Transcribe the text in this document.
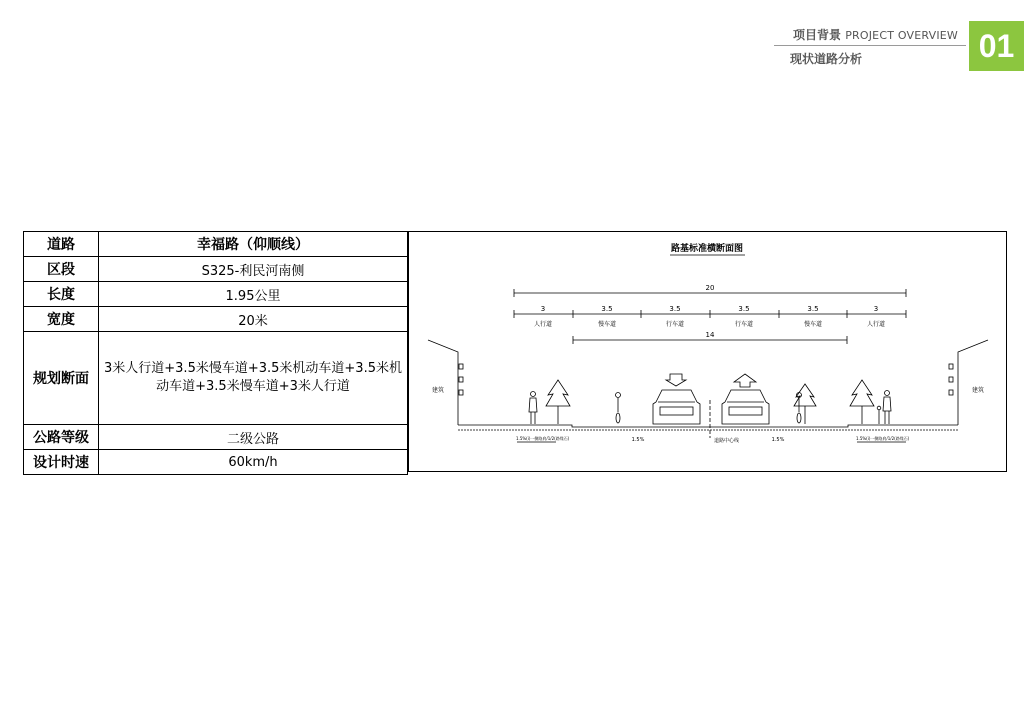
项目背景 PROJECT OVERVIEW
现状道路分析	01
道路	幸福路（仰顺线）
区段	S325-利民河南侧
长度	1.95公里
宽度	20米
规划断面	3米人行道+3.5米慢车道+3.5米机动车道+3.5米机动车道+3.5米慢车道+3米人行道
公路等级	二级公路
设计时速	60km/h
路基标准横断面图
20
3	3.5	3.5	3.5	3.5	3
人行道	慢车道	行车道	行车道	慢车道	人行道
14
建筑	建筑
1.5%(i)一侧路肩/1/2(路缘石)	1.5%	道路中心线	1.5%	1.5%(i)一侧路肩/1/2(路缘石)
